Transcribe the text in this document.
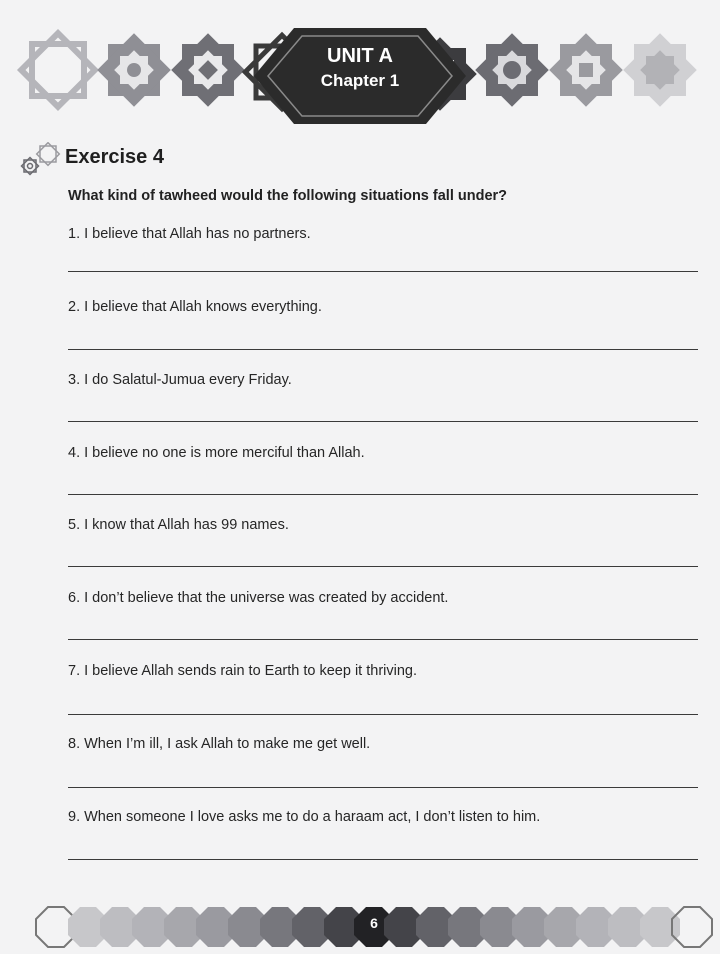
UNIT A
Chapter 1
Exercise 4
What kind of tawheed would the following situations fall under?
1. I believe that Allah has no partners.
2. I believe that Allah knows everything.
3. I do Salatul-Jumua every Friday.
4. I believe no one is more merciful than Allah.
5. I know that Allah has 99 names.
6. I don’t believe that the universe was created by accident.
7. I believe Allah sends rain to Earth to keep it thriving.
8. When I’m ill, I ask Allah to make me get well.
9. When someone I love asks me to do a haraam act, I don’t listen to him.
6
